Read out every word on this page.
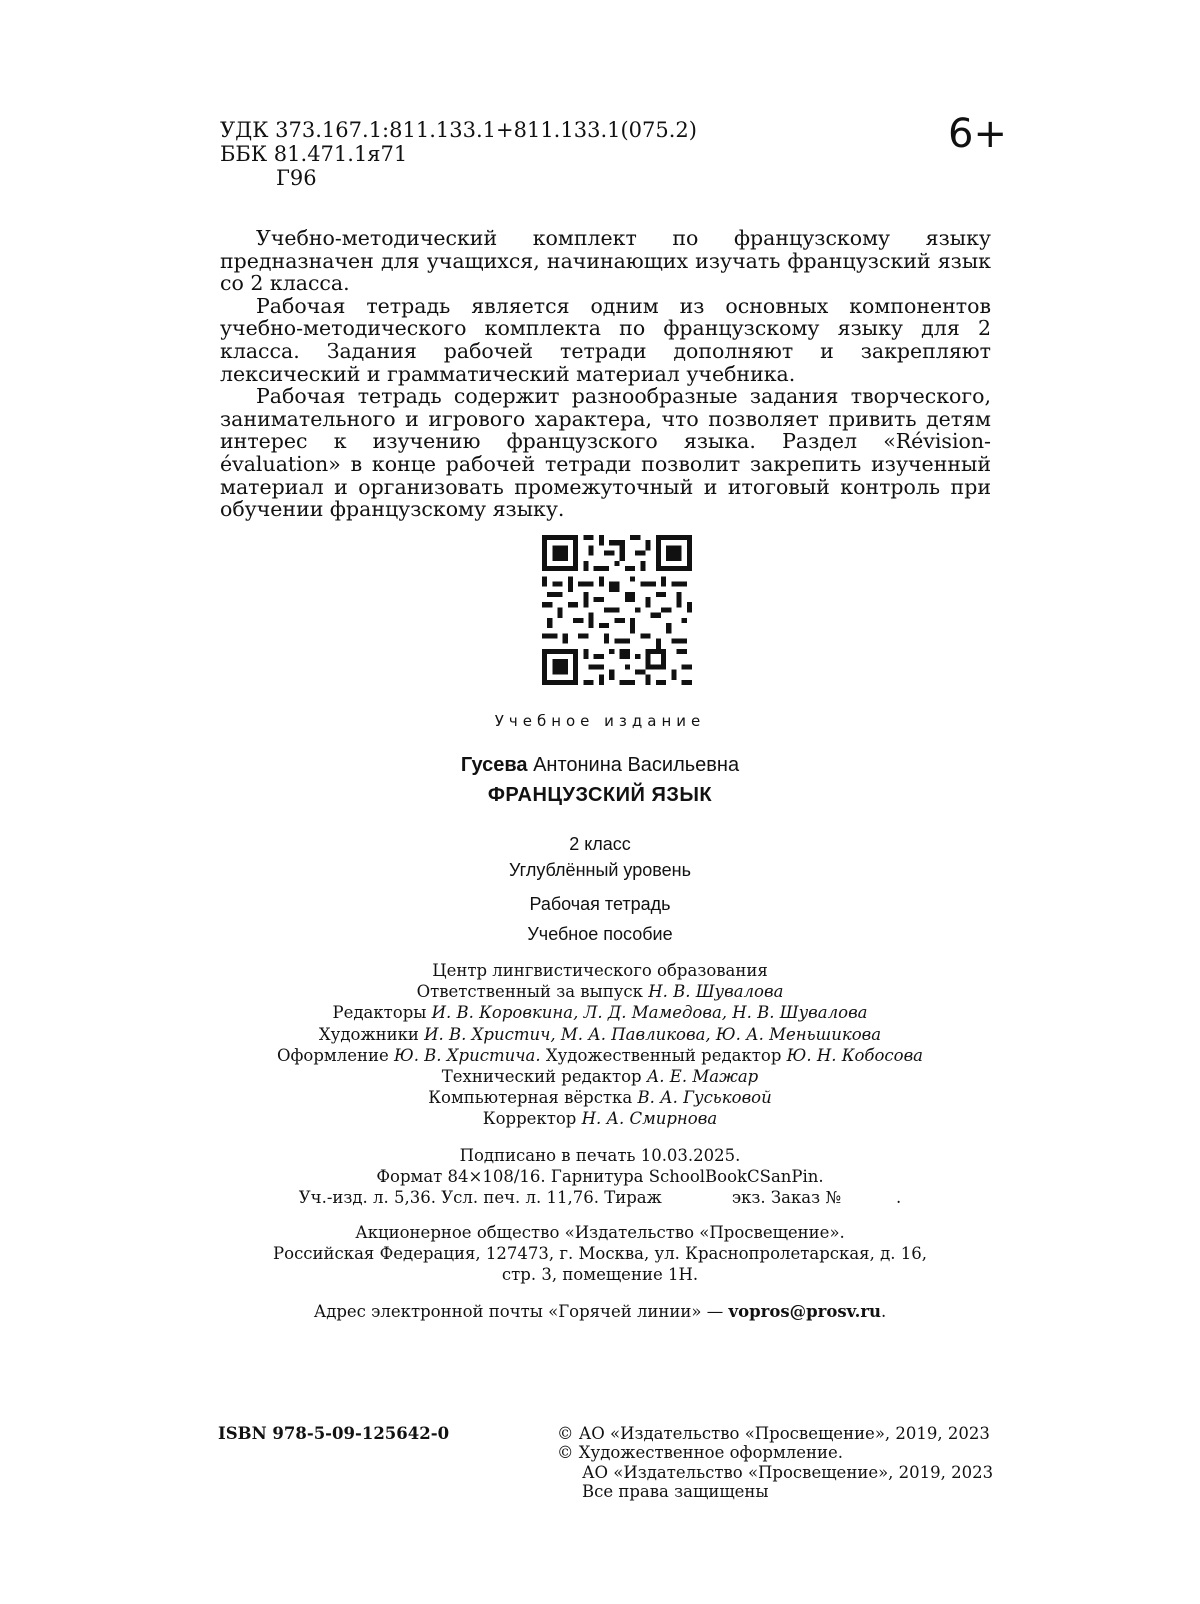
УДК 373.167.1:811.133.1+811.133.1(075.2)
ББК 81.471.1я71
Г96
6+

Учебно-методический комплект по французскому языку предназначен для учащихся, начинающих изучать французский язык со 2 класса.

Рабочая тетрадь является одним из основных компонентов учебно-методического комплекта по французскому языку для 2 класса. Задания рабочей тетради дополняют и закрепляют лексический и грамматический материал учебника.

Рабочая тетрадь содержит разнообразные задания творческого, занимательного и игрового характера, что позволяет привить детям интерес к изучению французского языка. Раздел «Révision-évaluation» в конце рабочей тетради позволит закрепить изученный материал и организовать промежуточный и итоговый контроль при обучении французскому языку.

Учебное издание
Гусева Антонина Васильевна
ФРАНЦУЗСКИЙ ЯЗЫК
2 класс
Углублённый уровень
Рабочая тетрадь
Учебное пособие
Центр лингвистического образования
Ответственный за выпуск Н. В. Шувалова
Редакторы И. В. Коровкина, Л. Д. Мамедова, Н. В. Шувалова
Художники И. В. Христич, М. А. Павликова, Ю. А. Меньшикова
Оформление Ю. В. Христича. Художественный редактор Ю. Н. Кобосова
Технический редактор А. Е. Мажар
Компьютерная вёрстка В. А. Гуськовой
Корректор Н. А. Смирнова
Подписано в печать 10.03.2025.
Формат 84×108/16. Гарнитура SchoolBookCSanPin.
Уч.-изд. л. 5,36. Усл. печ. л. 11,76. Тираж	экз. Заказ №	.
Акционерное общество «Издательство «Просвещение».
Российская Федерация, 127473, г. Москва, ул. Краснопролетарская, д. 16,
стр. 3, помещение 1Н.
Адрес электронной почты «Горячей линии» — vopros@prosv.ru.
ISBN 978-5-09-125642-0	© АО «Издательство «Просвещение», 2019, 2023
© Художественное оформление.
АО «Издательство «Просвещение», 2019, 2023
Все права защищены
